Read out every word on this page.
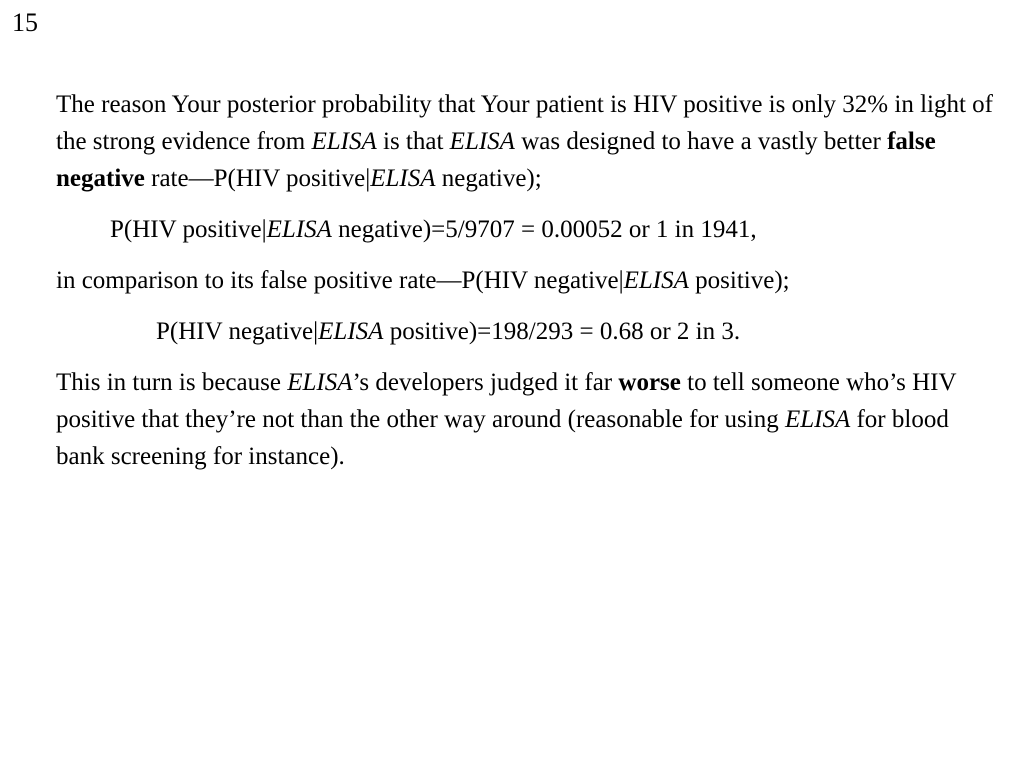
15

The reason Your posterior probability that Your patient is HIV positive is only 32% in light of the strong evidence from ELISA is that ELISA was designed to have a vastly better false negative rate—P(HIV positive|ELISA negative);

P(HIV positive|ELISA negative)=5/9707 = 0.00052 or 1 in 1941,

in comparison to its false positive rate—P(HIV negative|ELISA positive);

P(HIV negative|ELISA positive)=198/293 = 0.68 or 2 in 3.

This in turn is because ELISA’s developers judged it far worse to tell someone who’s HIV positive that they’re not than the other way around (reasonable for using ELISA for blood bank screening for instance).
